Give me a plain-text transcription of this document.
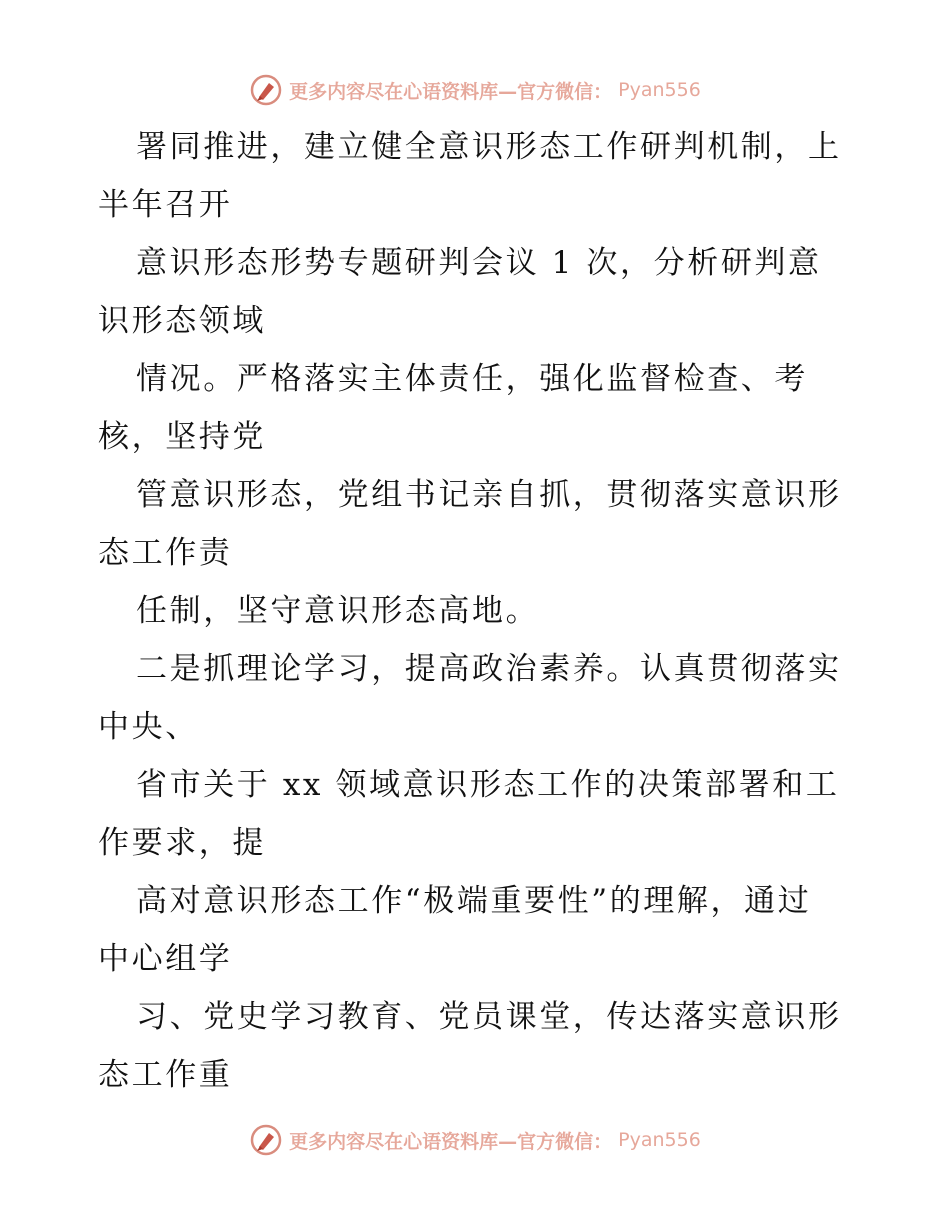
更多内容尽在心语资料库—官方微信： Pyan556
署同推进，建立健全意识形态工作研判机制，上
半年召开
意识形态形势专题研判会议 1 次，分析研判意
识形态领域
情况。严格落实主体责任，强化监督检查、考
核，坚持党
管意识形态，党组书记亲自抓，贯彻落实意识形
态工作责
任制，坚守意识形态高地。
二是抓理论学习，提高政治素养。认真贯彻落实
中央、
省市关于 xx 领域意识形态工作的决策部署和工
作要求，提
高对意识形态工作“极端重要性”的理解，通过
中心组学
习、党史学习教育、党员课堂，传达落实意识形
态工作重
更多内容尽在心语资料库—官方微信： Pyan556
